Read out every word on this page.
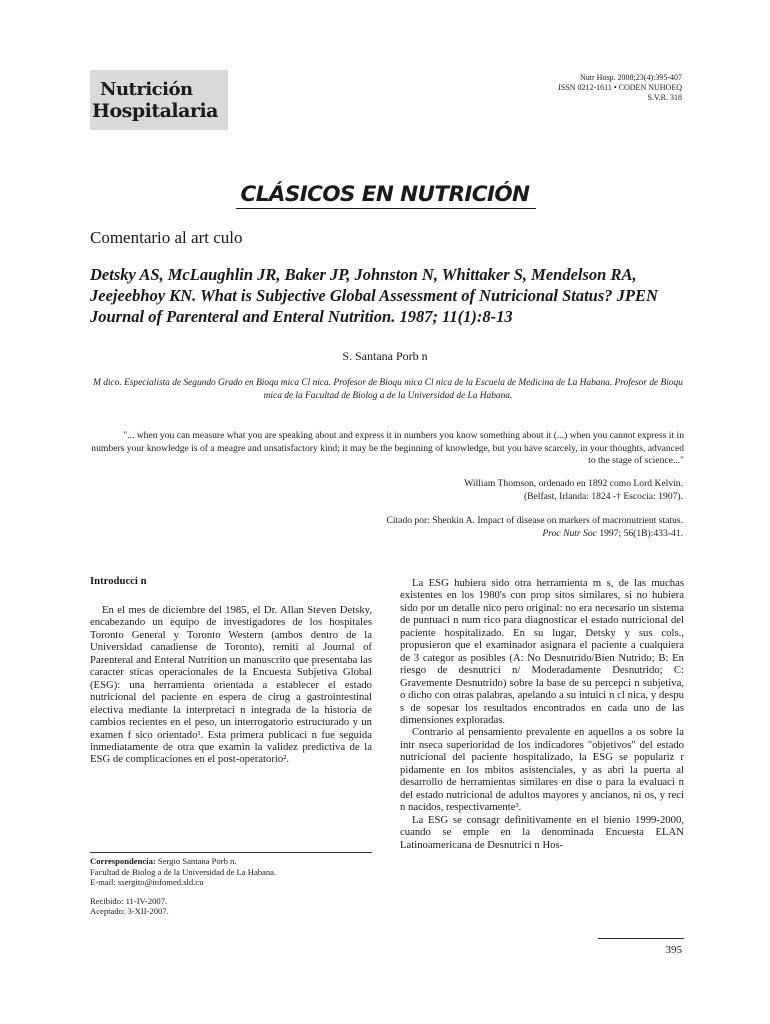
Nutrición
Hospitalaria
Nutr Hosp. 2008;23(4):395-407
ISSN 0212-1611 • CODEN NUHOEQ
S.V.R. 318
CLÁSICOS EN NUTRICIÓN
Comentario al art culo
Detsky AS, McLaughlin JR, Baker JP, Johnston N, Whittaker S, Mendelson RA, Jeejeebhoy KN. What is Subjective Global Assessment of Nutricional Status? JPEN Journal of Parenteral and Enteral Nutrition. 1987; 11(1):8-13
S. Santana Porb n
M dico. Especialista de Segundo Grado en Bioqu mica Cl nica. Profesor de Bioqu mica Cl nica de la Escuela de Medicina de La Habana. Profesor de Bioqu mica de la Facultad de Biolog a de la Universidad de La Habana.
"... when you can measure what you are speaking about and express it in numbers you know something about it (...) when you cannot express it in numbers your knowledge is of a meagre and unsatisfactory kind; it may be the beginning of knowledge, but you have scarcely, in your thoughts, advanced to the stage of science..."
William Thomson, ordenado en 1892 como Lord Kelvin.
(Belfast, Irlanda: 1824 -† Escocia: 1907).
Citado por: Shenkin A. Impact of disease on markers of macronutrient status.
Proc Nutr Soc 1997; 56(1B):433-41.
Introducci n

En el mes de diciembre del 1985, el Dr. Allan Steven Detsky, encabezando un equipo de investigadores de los hospitales Toronto General y Toronto Western (ambos dentro de la Universidad canadiense de Toronto), remiti al Journal of Parenteral and Enteral Nutrition un manuscrito que presentaba las caracter sticas operacionales de la Encuesta Subjetiva Global (ESG): una herramienta orientada a establecer el estado nutricional del paciente en espera de cirug a gastrointestinal electiva mediante la interpretaci n integrada de la historia de cambios recientes en el peso, un interrogatorio estructurado y un examen f sico orientado¹. Esta primera publicaci n fue seguida inmediatamente de otra que examin la validez predictiva de la ESG de complicaciones en el post-operatorio².

La ESG hubiera sido otra herramienta m s, de las muchas existentes en los 1980's con prop sitos similares, si no hubiera sido por un detalle nico pero original: no era necesario un sistema de puntuaci n num rico para diagnosticar el estado nutricional del paciente hospitalizado. En su lugar, Detsky y sus cols., propusieron que el examinador asignara el paciente a cualquiera de 3 categor as posibles (A: No Desnutrido/Bien Nutrido; B: En riesgo de desnutrici n/ Moderadamente Desnutrido; C: Gravemente Desnutrido) sobre la base de su percepci n subjetiva, o dicho con otras palabras, apelando a su intuici n cl nica, y despu s de sopesar los resultados encontrados en cada uno de las dimensiones exploradas.

Contrario al pensamiento prevalente en aquellos a os sobre la intr nseca superioridad de los indicadores "objetivos" del estado nutricional del paciente hospitalizado, la ESG se populariz r pidamente en los mbitos asistenciales, y as abri la puerta al desarrollo de herramientas similares en dise o para la evaluaci n del estado nutricional de adultos mayores y ancianos, ni os, y reci n nacidos, respectivamente³.

La ESG se consagr definitivamente en el bienio 1999-2000, cuando se emple en la denominada Encuesta ELAN Latinoamericana de Desnutrici n Hos-

Correspondencia: Sergio Santana Porb n.
Facultad de Biolog a de la Universidad de La Habana.
E-mail: ssergito@infomed.sld.cu
Recibido: 11-IV-2007.
Aceptado: 3-XII-2007.
395
